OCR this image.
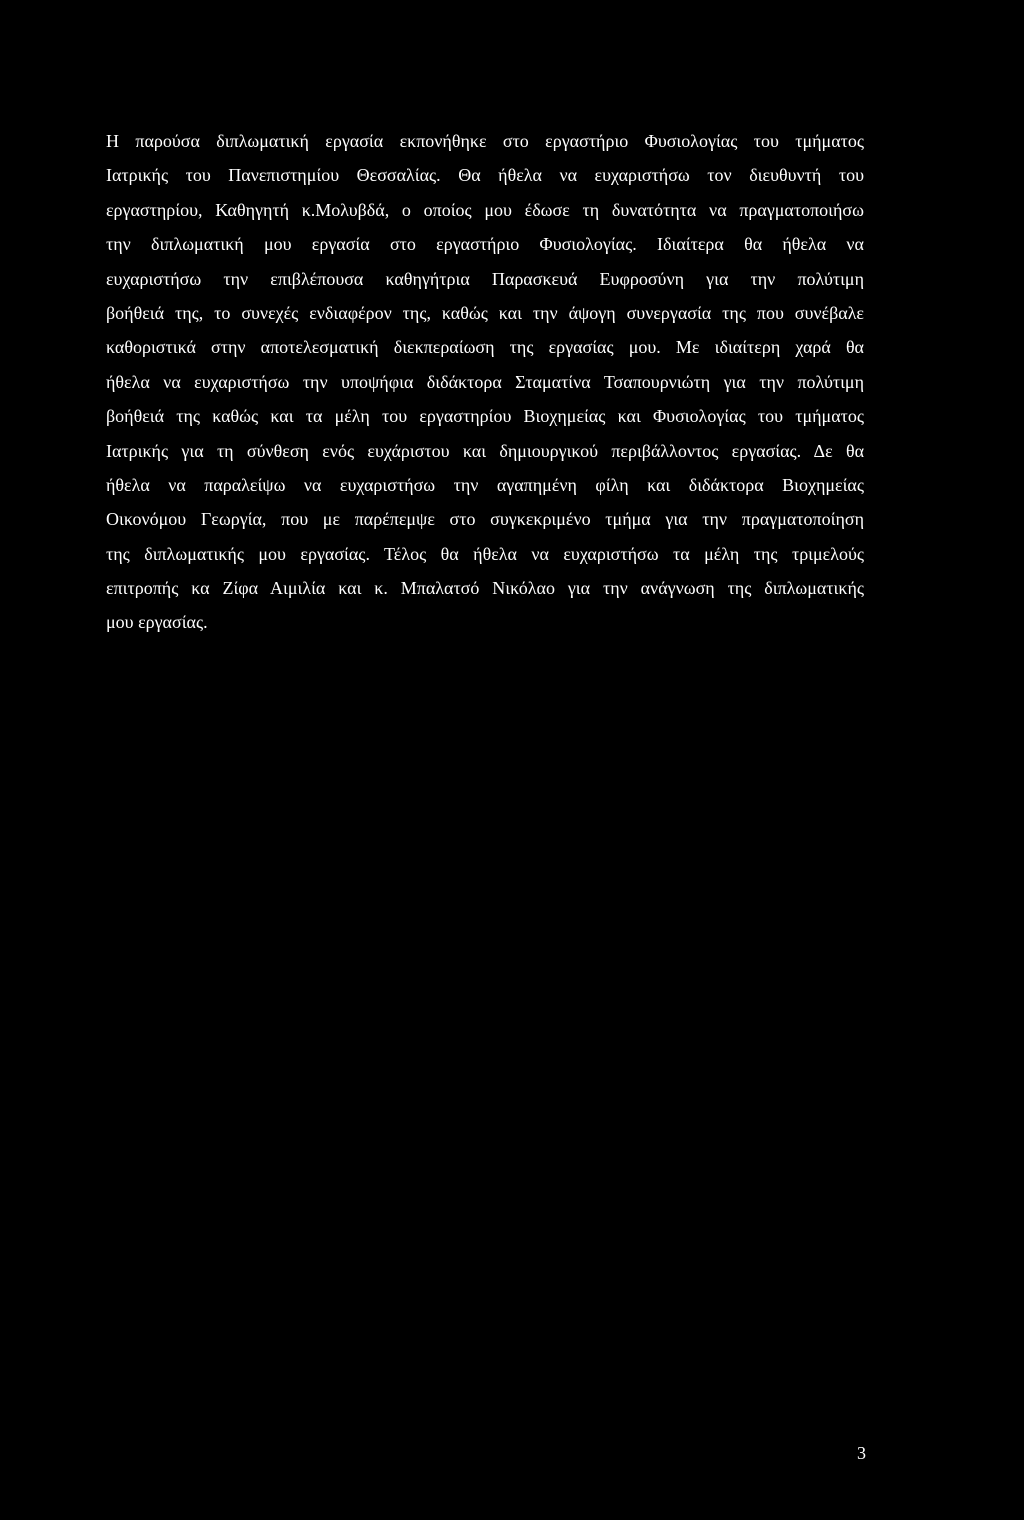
Η παρούσα διπλωματική εργασία εκπονήθηκε στο εργαστήριο Φυσιολογίας του τμήματος
Ιατρικής του Πανεπιστημίου Θεσσαλίας. Θα ήθελα να ευχαριστήσω τον διευθυντή του
εργαστηρίου, Καθηγητή κ.Μολυβδά, ο οποίος μου έδωσε τη δυνατότητα να πραγματοποιήσω
την διπλωματική μου εργασία στο εργαστήριο Φυσιολογίας. Ιδιαίτερα θα ήθελα να
ευχαριστήσω την επιβλέπουσα καθηγήτρια Παρασκευά Ευφροσύνη για την πολύτιμη
βοήθειά της, το συνεχές ενδιαφέρον της, καθώς και την άψογη συνεργασία της που συνέβαλε
καθοριστικά στην αποτελεσματική διεκπεραίωση της εργασίας μου. Με ιδιαίτερη χαρά θα
ήθελα να ευχαριστήσω την υποψήφια διδάκτορα Σταματίνα Τσαπουρνιώτη για την πολύτιμη
βοήθειά της καθώς και τα μέλη του εργαστηρίου Βιοχημείας και Φυσιολογίας του τμήματος
Ιατρικής για τη σύνθεση ενός ευχάριστου και δημιουργικού περιβάλλοντος εργασίας. Δε θα
ήθελα να παραλείψω να ευχαριστήσω την αγαπημένη φίλη και διδάκτορα Βιοχημείας
Οικονόμου Γεωργία, που με παρέπεμψε στο συγκεκριμένο τμήμα για την πραγματοποίηση
της διπλωματικής μου εργασίας. Τέλος θα ήθελα να ευχαριστήσω τα μέλη της τριμελούς
επιτροπής κα Ζίφα Αιμιλία και κ. Μπαλατσό Νικόλαο για την ανάγνωση της διπλωματικής
μου εργασίας.
3
